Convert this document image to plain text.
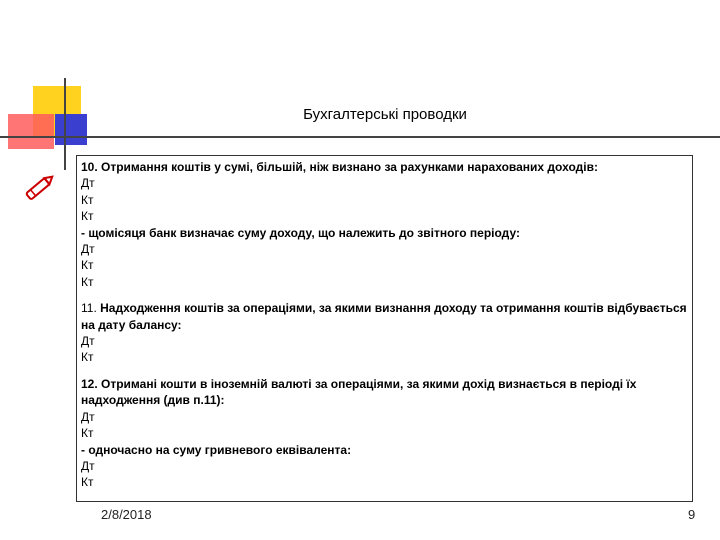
Бухгалтерські проводки
10. Отримання коштів у сумі, більшій, ніж визнано за рахунками нарахованих доходів:
Дт
Кт
Кт
- щомісяця банк визначає суму доходу, що належить до звітного періоду:
Дт
Кт
Кт
11. Надходження коштів за операціями, за якими визнання доходу та отримання коштів відбувається на дату балансу:
Дт
Кт
12. Отримані кошти в іноземній валюті за операціями, за якими дохід визнається в періоді їх надходження (див п.11):
Дт
Кт
- одночасно на суму гривневого еквівалента:
Дт
Кт
2/8/2018	9
